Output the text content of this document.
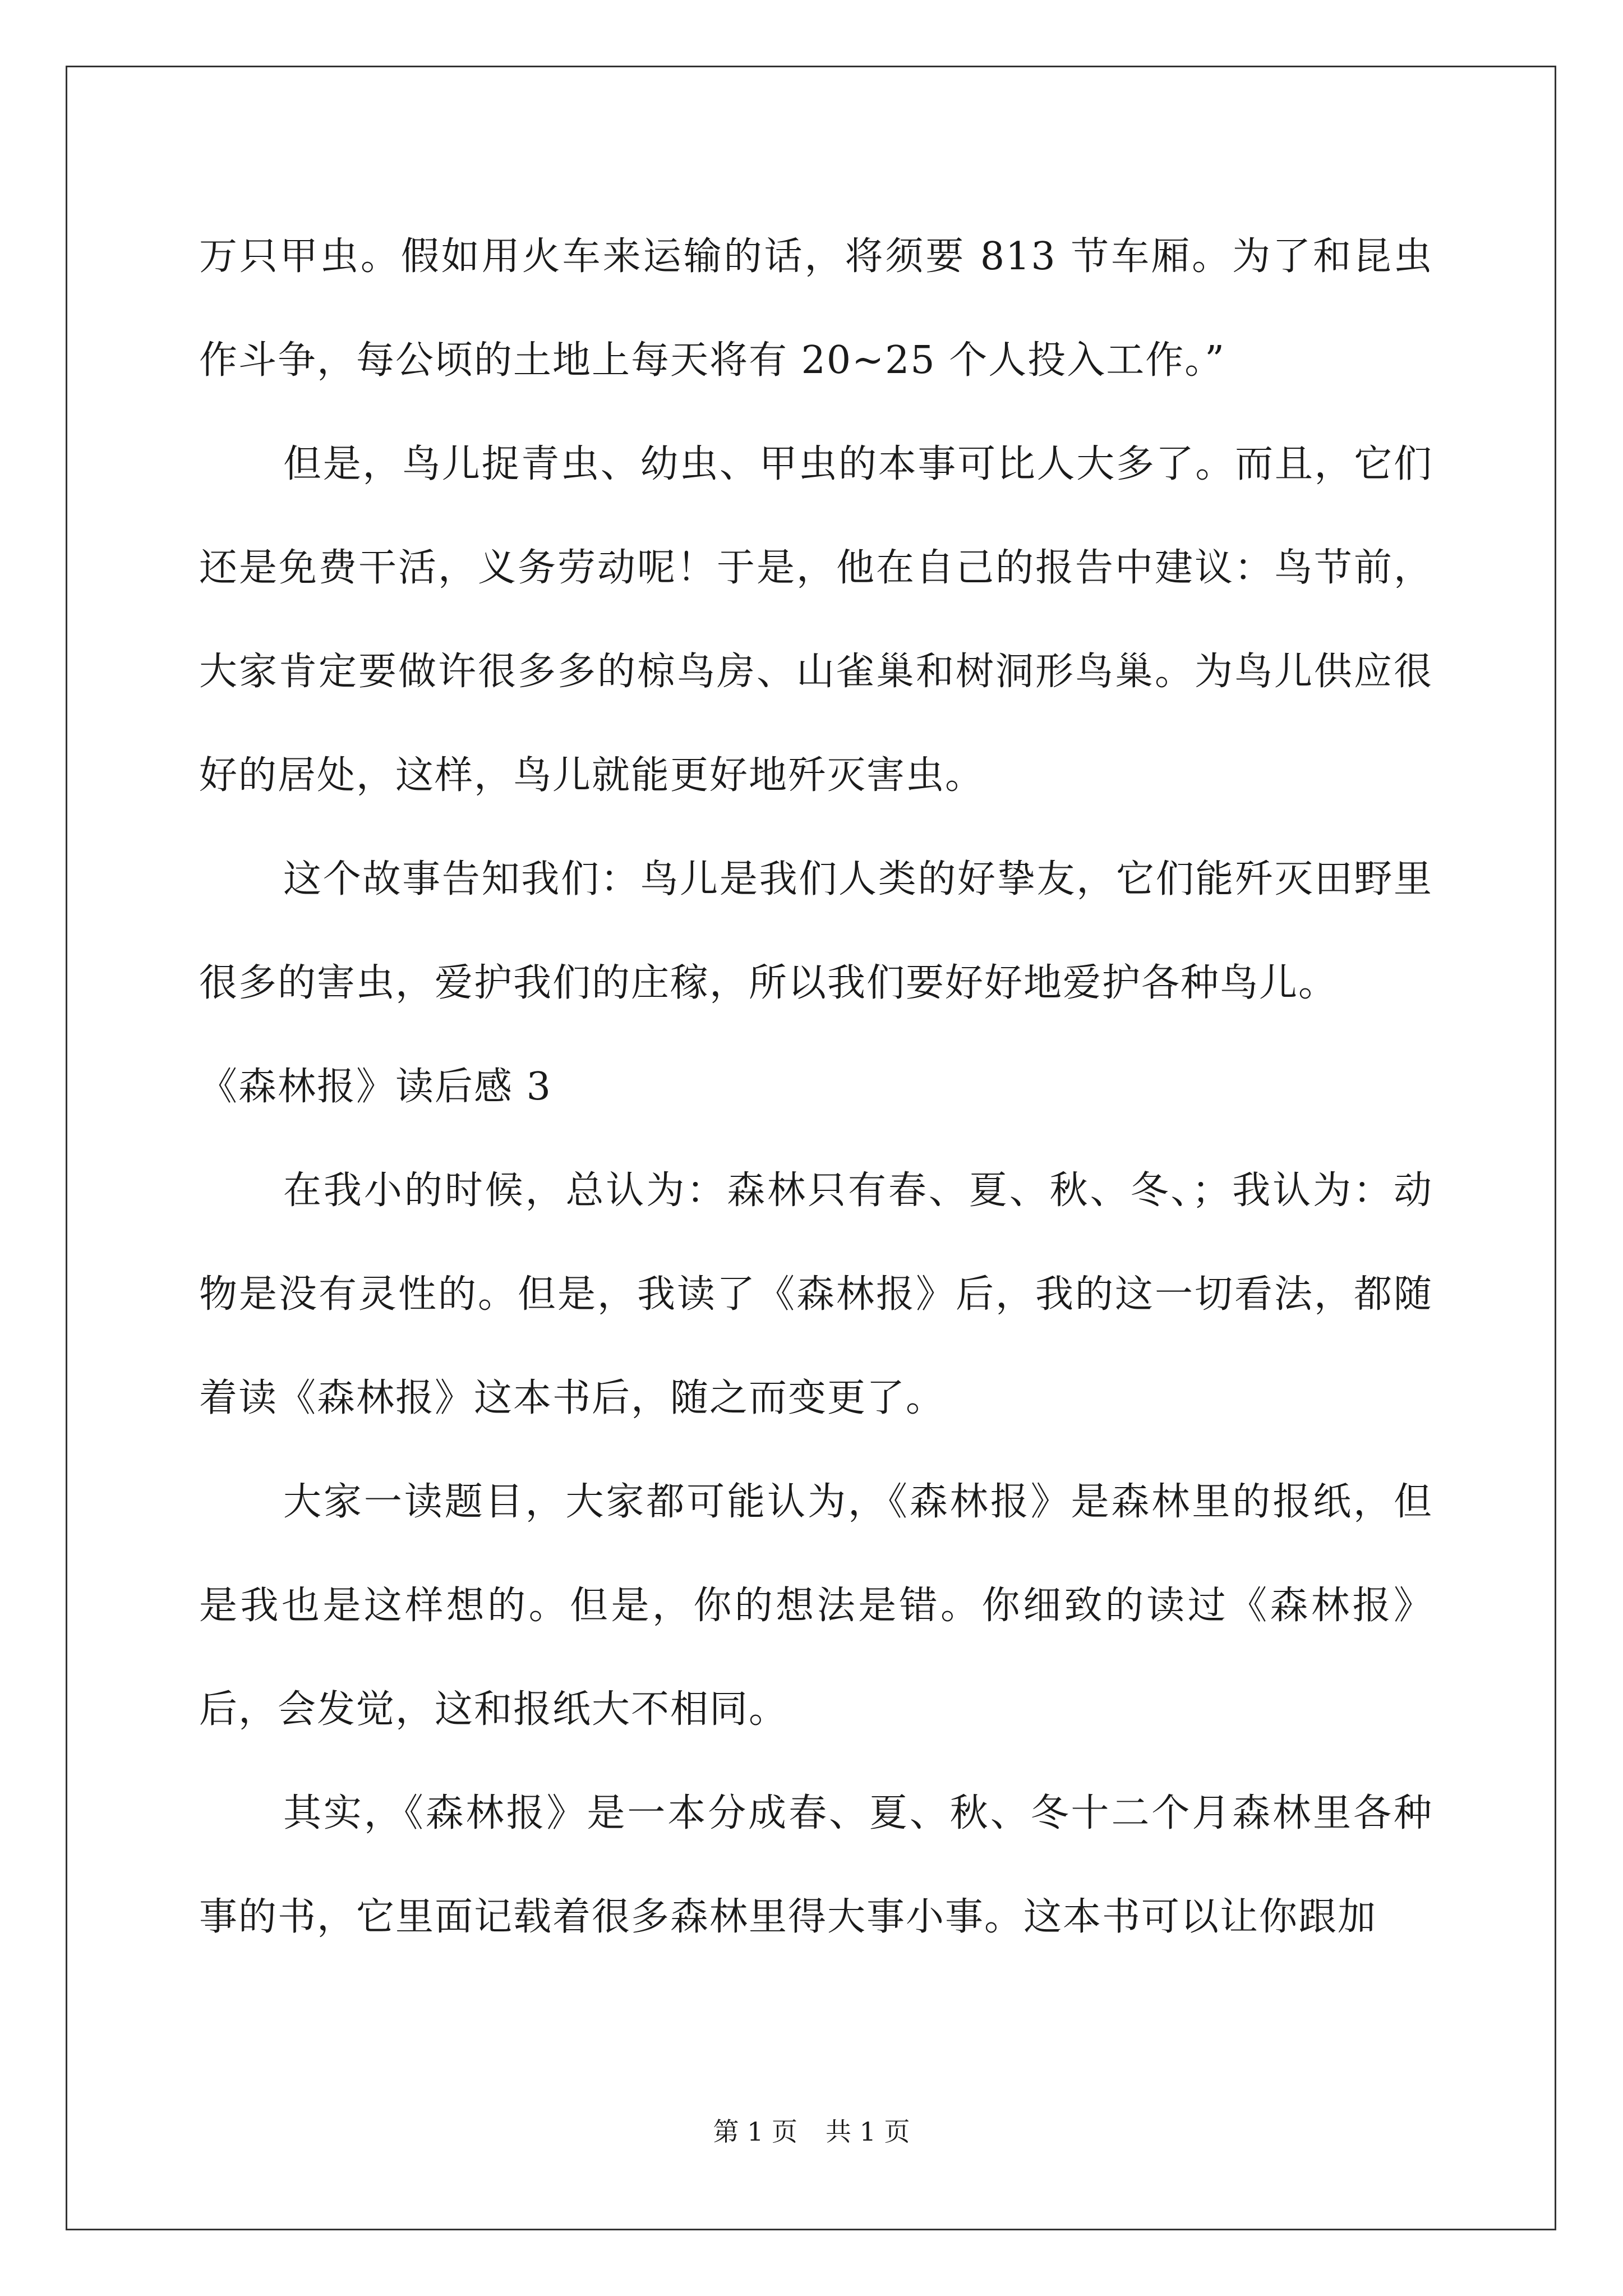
万只甲虫。假如用火车来运输的话，将须要 813 节车厢。为了和昆虫作斗争，每公顷的土地上每天将有 20~25 个人投入工作。”

但是，鸟儿捉青虫、幼虫、甲虫的本事可比人大多了。而且，它们还是免费干活，义务劳动呢！于是，他在自己的报告中建议：鸟节前，大家肯定要做许很多多的椋鸟房、山雀巢和树洞形鸟巢。为鸟儿供应很好的居处，这样，鸟儿就能更好地歼灭害虫。

这个故事告知我们：鸟儿是我们人类的好挚友，它们能歼灭田野里很多的害虫，爱护我们的庄稼，所以我们要好好地爱护各种鸟儿。

《森林报》读后感 3

在我小的时候，总认为：森林只有春、夏、秋、冬、；我认为：动物是没有灵性的。但是，我读了《森林报》后，我的这一切看法，都随着读《森林报》这本书后，随之而变更了。

大家一读题目，大家都可能认为，《森林报》是森林里的报纸，但是我也是这样想的。但是，你的想法是错。你细致的读过《森林报》后，会发觉，这和报纸大不相同。

其实，《森林报》是一本分成春、夏、秋、冬十二个月森林里各种事的书，它里面记载着很多森林里得大事小事。这本书可以让你跟加

第 1 页 共 1 页
